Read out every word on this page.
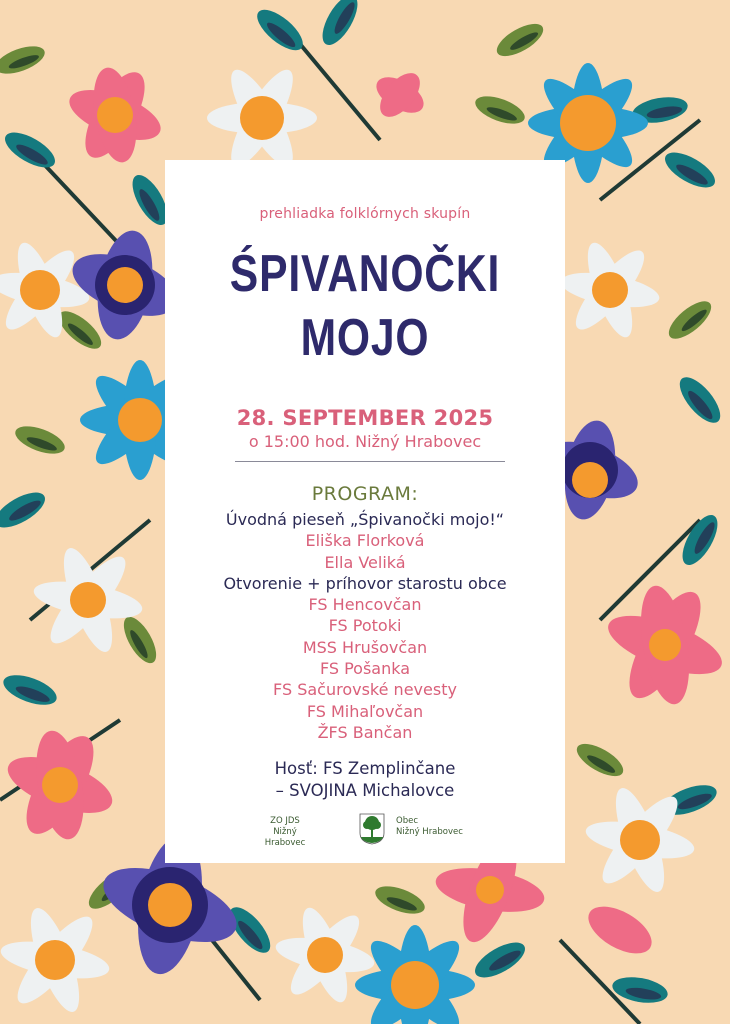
prehliadka folklórnych skupín
ŚPIVANOČKI
MOJO
28. SEPTEMBER 2025
o 15:00 hod. Nižný Hrabovec
PROGRAM:
Úvodná pieseň „Śpivanočki mojo!“
Eliška Florková
Ella Veliká
Otvorenie + príhovor starostu obce
FS Hencovčan
FS Potoki
MSS Hrušovčan
FS Pošanka
FS Sačurovské nevesty
FS Mihaľovčan
ŽFS Bančan
Hosť: FS Zemplinčane
– SVOJINA Michalovce
ZO JDS
Nižný Hrabovec
Obec
Nižný Hrabovec
